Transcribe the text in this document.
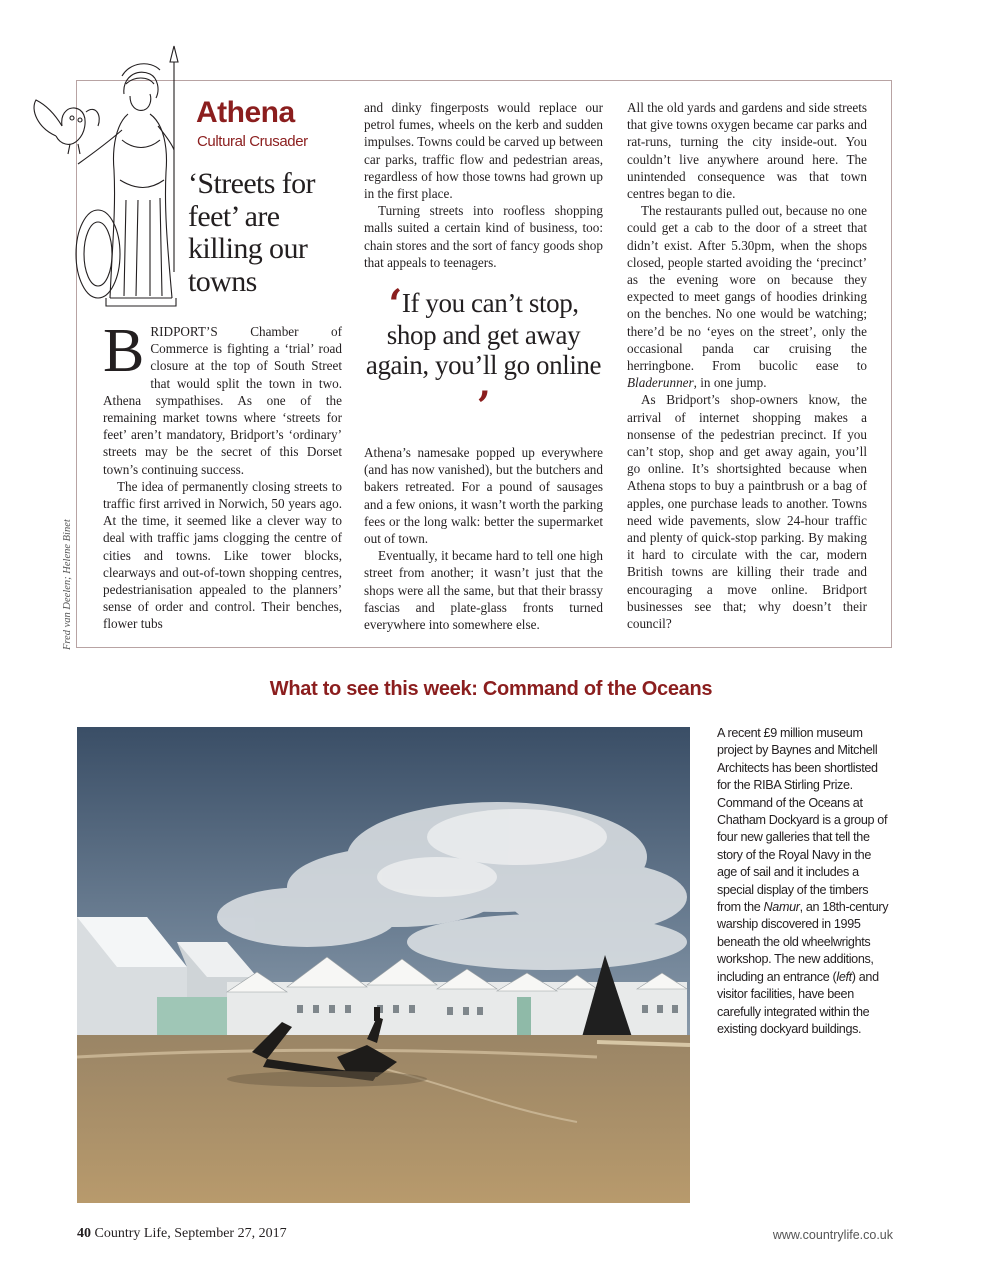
Athena
Cultural Crusader
‘Streets for feet’ are killing our towns

BRIDPORT’S Chamber of Commerce is fighting a ‘trial’ road closure at the top of South Street that would split the town in two. Athena sympathises. As one of the remaining market towns where ‘streets for feet’ aren’t mandatory, Bridport’s ‘ordinary’ streets may be the secret of this Dorset town’s continuing success.

The idea of permanently closing streets to traffic first arrived in Norwich, 50 years ago. At the time, it seemed like a clever way to deal with traffic jams clogging the centre of cities and towns. Like tower blocks, clearways and out-of-town shopping centres, pedestrianisation appealed to the planners’ sense of order and control. Their benches, flower tubs

and dinky fingerposts would replace our petrol fumes, wheels on the kerb and sudden impulses. Towns could be carved up between car parks, traffic flow and pedestrian areas, regardless of how those towns had grown up in the first place.

Turning streets into roofless shopping malls suited a certain kind of business, too: chain stores and the sort of fancy goods shop that appeals to teenagers.

‘If you can’t stop, shop and get away again, you’ll go online ’

Athena’s namesake popped up everywhere (and has now vanished), but the butchers and bakers retreated. For a pound of sausages and a few onions, it wasn’t worth the parking fees or the long walk: better the supermarket out of town.

Eventually, it became hard to tell one high street from another; it wasn’t just that the shops were all the same, but that their brassy fascias and plate-glass fronts turned everywhere into somewhere else.

All the old yards and gardens and side streets that give towns oxygen became car parks and rat-runs, turning the city inside-out. You couldn’t live anywhere around here. The unintended consequence was that town centres began to die.

The restaurants pulled out, because no one could get a cab to the door of a street that didn’t exist. After 5.30pm, when the shops closed, people started avoiding the ‘precinct’ as the evening wore on because they expected to meet gangs of hoodies drinking on the benches. No one would be watching; there’d be no ‘eyes on the street’, only the occasional panda car cruising the herringbone. From bucolic ease to Bladerunner, in one jump.

As Bridport’s shop-owners know, the arrival of internet shopping makes a nonsense of the pedestrian precinct. If you can’t stop, shop and get away again, you’ll go online. It’s shortsighted because when Athena stops to buy a paintbrush or a bag of apples, one purchase leads to another. Towns need wide pavements, slow 24-hour traffic and plenty of quick-stop parking. By making it hard to circulate with the car, modern British towns are killing their trade and encouraging a move online. Bridport businesses see that; why doesn’t their council?

Fred van Deelen; Helene Binet
What to see this week: Command of the Oceans
A recent £9 million museum project by Baynes and Mitchell Architects has been shortlisted for the RIBA Stirling Prize. Command of the Oceans at Chatham Dockyard is a group of four new galleries that tell the story of the Royal Navy in the age of sail and it includes a special display of the timbers from the Namur, an 18th-century warship discovered in 1995 beneath the old wheelwrights workshop. The new additions, including an entrance (left) and visitor facilities, have been carefully integrated within the existing dockyard buildings.
40 Country Life, September 27, 2017	www.countrylife.co.uk
